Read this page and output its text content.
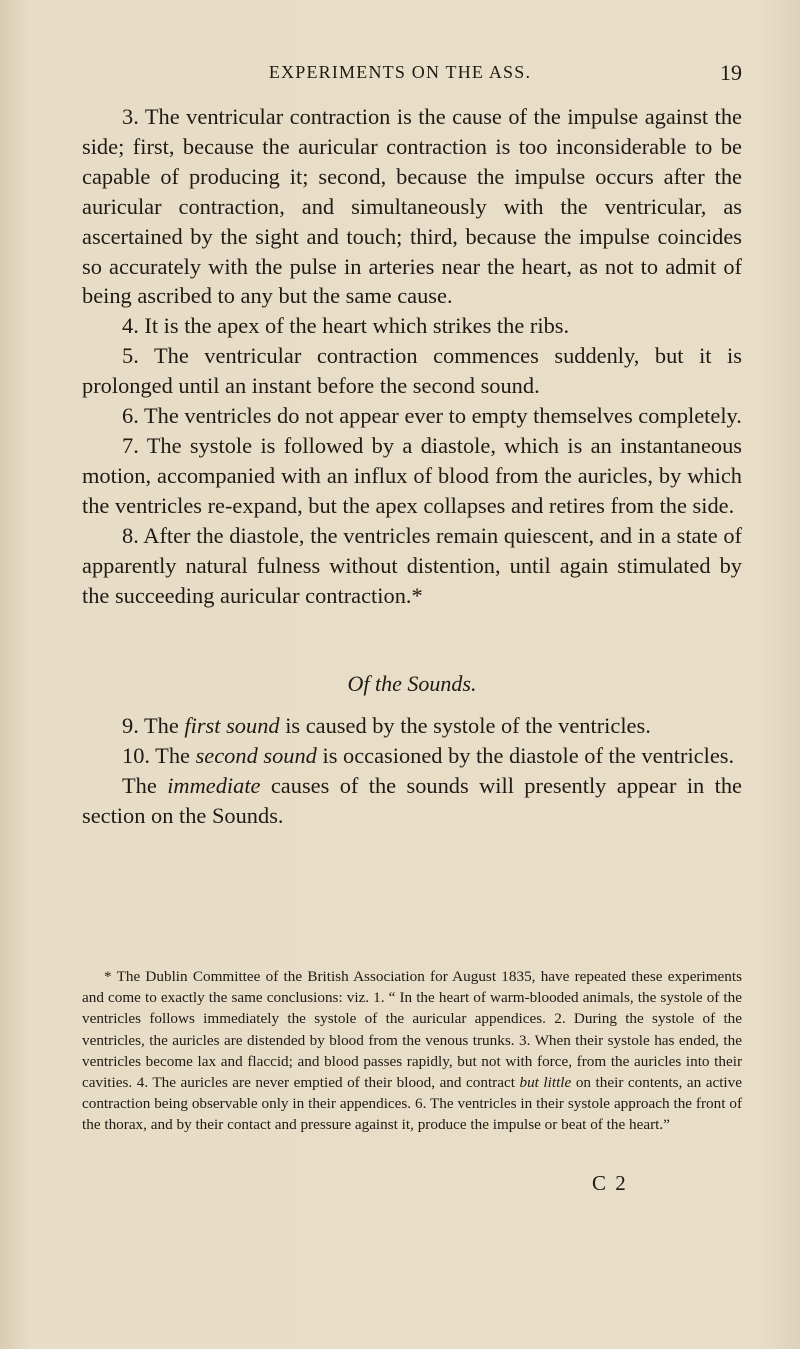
EXPERIMENTS ON THE ASS.	19

3. The ventricular contraction is the cause of the impulse against the side; first, because the auricular contraction is too inconsiderable to be capable of producing it; second, because the impulse occurs after the auricular contraction, and simultaneously with the ventricular, as ascertained by the sight and touch; third, because the impulse coincides so accurately with the pulse in arteries near the heart, as not to admit of being ascribed to any but the same cause.

4. It is the apex of the heart which strikes the ribs.

5. The ventricular contraction commences suddenly, but it is prolonged until an instant before the second sound.

6. The ventricles do not appear ever to empty themselves completely.

7. The systole is followed by a diastole, which is an instantaneous motion, accompanied with an influx of blood from the auricles, by which the ventricles re-expand, but the apex collapses and retires from the side.

8. After the diastole, the ventricles remain quiescent, and in a state of apparently natural fulness without distention, until again stimulated by the succeeding auricular contraction.*

Of the Sounds.

9. The first sound is caused by the systole of the ventricles.

10. The second sound is occasioned by the diastole of the ventricles.

The immediate causes of the sounds will presently appear in the section on the Sounds.

* The Dublin Committee of the British Association for August 1835, have repeated these experiments and come to exactly the same conclusions: viz. 1. “ In the heart of warm-blooded animals, the systole of the ventricles follows immediately the systole of the auricular appendices. 2. During the systole of the ventricles, the auricles are distended by blood from the venous trunks. 3. When their systole has ended, the ventricles become lax and flaccid; and blood passes rapidly, but not with force, from the auricles into their cavities. 4. The auricles are never emptied of their blood, and contract but little on their contents, an active contraction being observable only in their appendices. 6. The ventricles in their systole approach the front of the thorax, and by their contact and pressure against it, produce the impulse or beat of the heart.”

C 2
